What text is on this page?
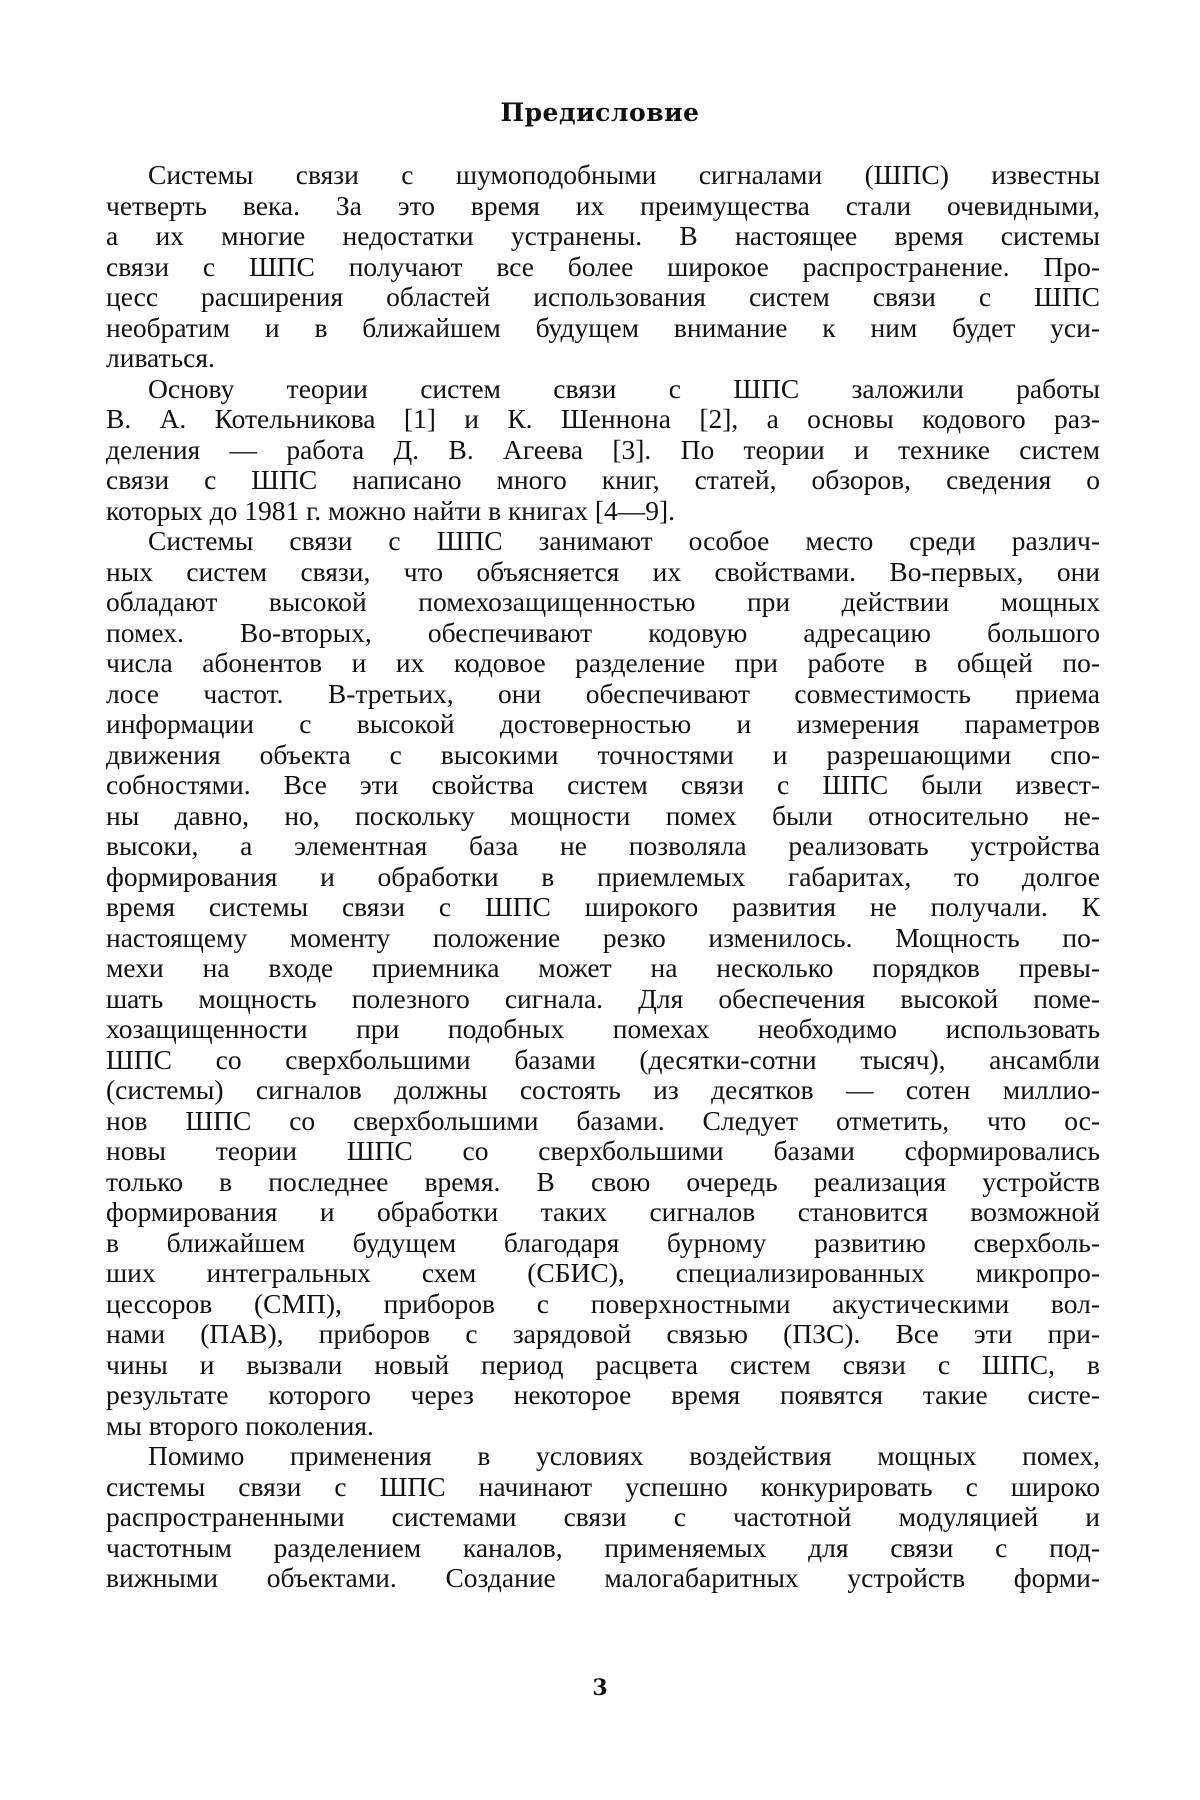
Предисловие
Системы связи с шумоподобными сигналами (ШПС) известны
четверть века. За это время их преимущества стали очевидными,
а их многие недостатки устранены. В настоящее время системы
связи с ШПС получают все более широкое распространение. Про-
цесс расширения областей использования систем связи с ШПС
необратим и в ближайшем будущем внимание к ним будет уси-
ливаться.
Основу теории систем связи с ШПС заложили работы
В. А. Котельникова [1] и К. Шеннона [2], а основы кодового раз-
деления — работа Д. В. Агеева [3]. По теории и технике систем
связи с ШПС написано много книг, статей, обзоров, сведения о
которых до 1981 г. можно найти в книгах [4—9].
Системы связи с ШПС занимают особое место среди различ-
ных систем связи, что объясняется их свойствами. Во-первых, они
обладают высокой помехозащищенностью при действии мощных
помех. Во-вторых, обеспечивают кодовую адресацию большого
числа абонентов и их кодовое разделение при работе в общей по-
лосе частот. В-третьих, они обеспечивают совместимость приема
информации с высокой достоверностью и измерения параметров
движения объекта с высокими точностями и разрешающими спо-
собностями. Все эти свойства систем связи с ШПС были извест-
ны давно, но, поскольку мощности помех были относительно не-
высоки, а элементная база не позволяла реализовать устройства
формирования и обработки в приемлемых габаритах, то долгое
время системы связи с ШПС широкого развития не получали. К
настоящему моменту положение резко изменилось. Мощность по-
мехи на входе приемника может на несколько порядков превы-
шать мощность полезного сигнала. Для обеспечения высокой поме-
хозащищенности при подобных помехах необходимо использовать
ШПС со сверхбольшими базами (десятки-сотни тысяч), ансамбли
(системы) сигналов должны состоять из десятков — сотен миллио-
нов ШПС со сверхбольшими базами. Следует отметить, что ос-
новы теории ШПС со сверхбольшими базами сформировались
только в последнее время. В свою очередь реализация устройств
формирования и обработки таких сигналов становится возможной
в ближайшем будущем благодаря бурному развитию сверхболь-
ших интегральных схем (СБИС), специализированных микропро-
цессоров (СМП), приборов с поверхностными акустическими вол-
нами (ПАВ), приборов с зарядовой связью (ПЗС). Все эти при-
чины и вызвали новый период расцвета систем связи с ШПС, в
результате которого через некоторое время появятся такие систе-
мы второго поколения.
Помимо применения в условиях воздействия мощных помех,
системы связи с ШПС начинают успешно конкурировать с широко
распространенными системами связи с частотной модуляцией и
частотным разделением каналов, применяемых для связи с под-
вижными объектами. Создание малогабаритных устройств форми-
3
